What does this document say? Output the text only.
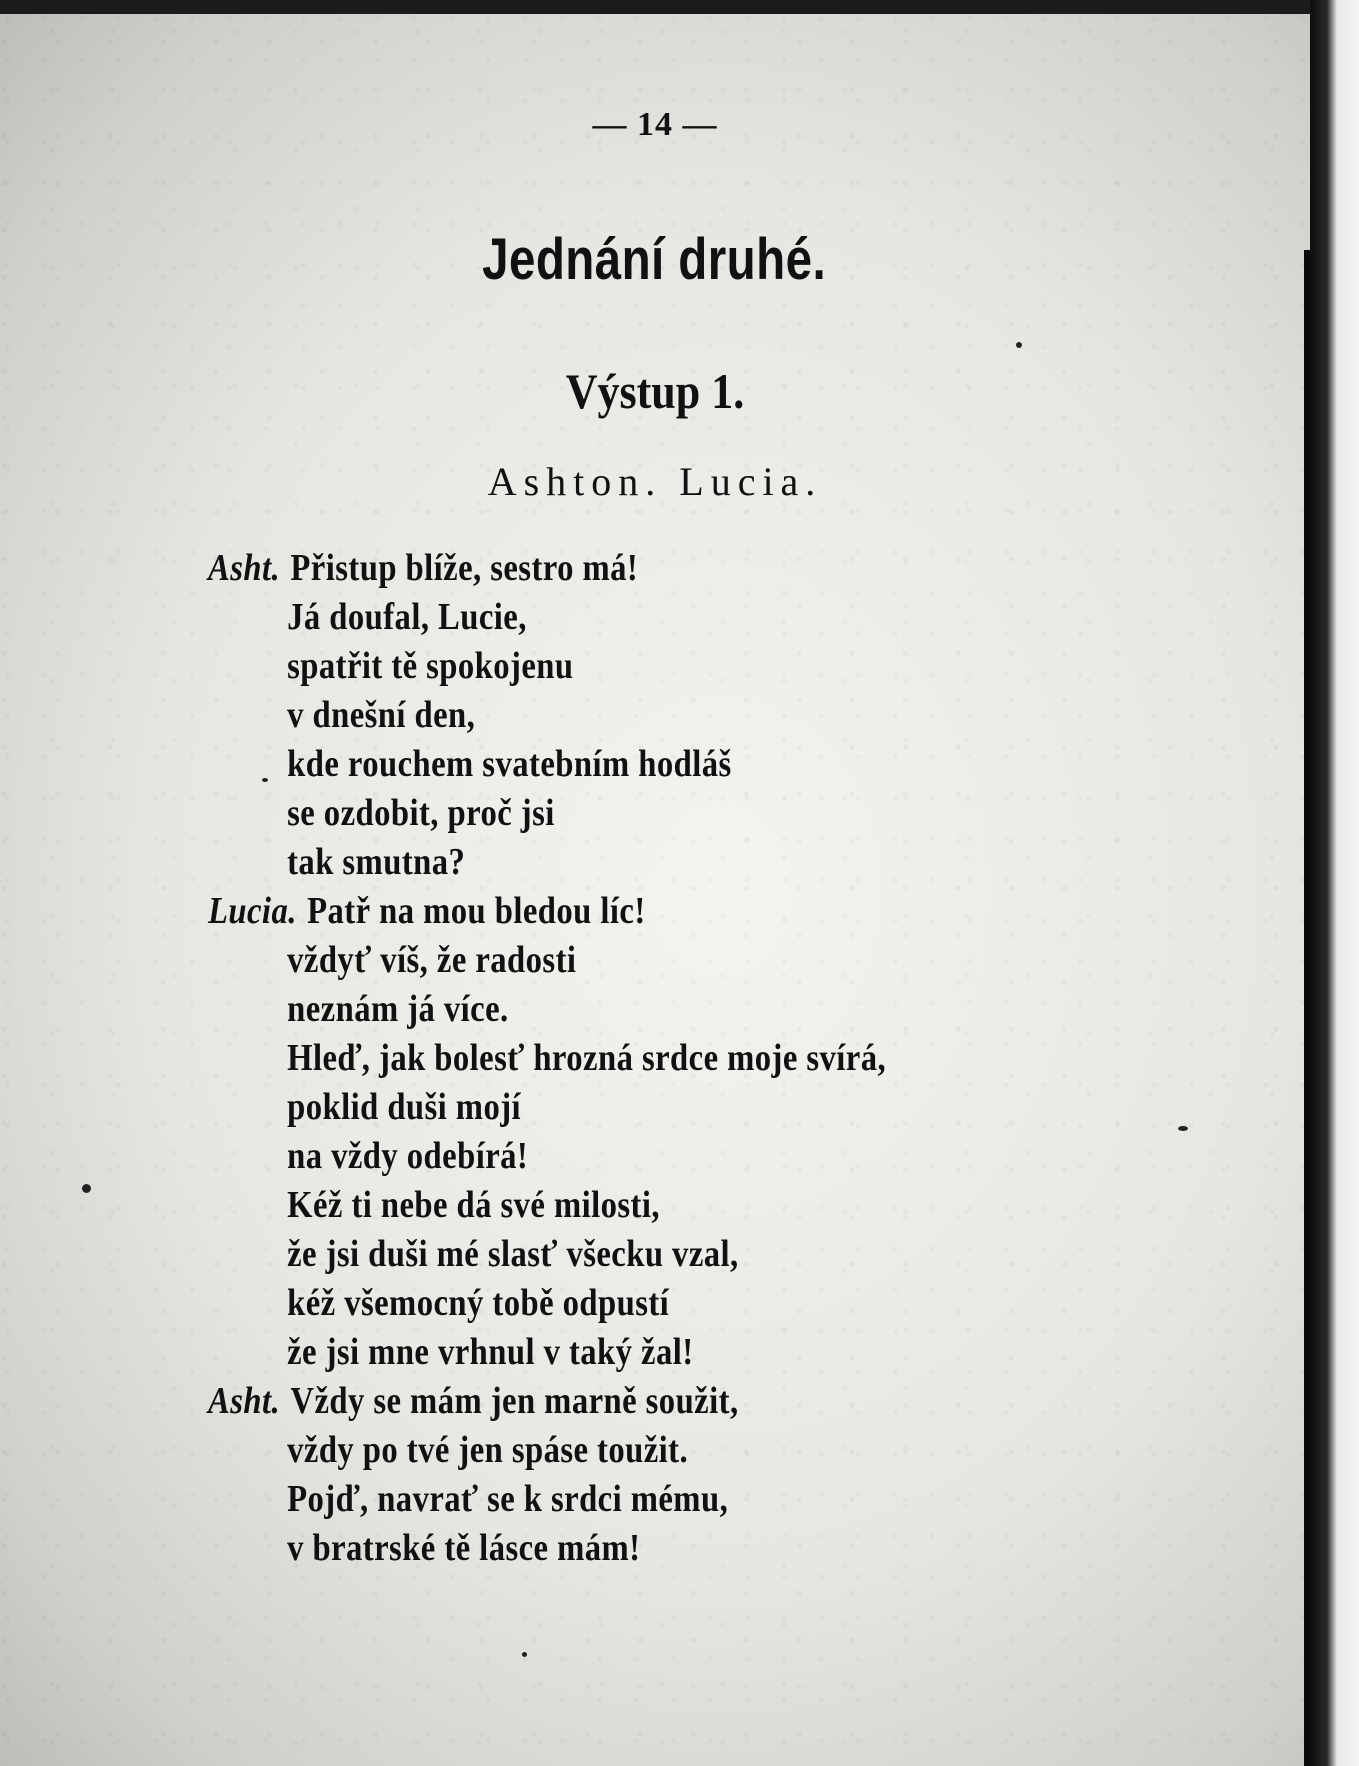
— 14 —
Jednání druhé.
Výstup 1.
Ashton. Lucia.
Asht. Přistup blíže, sestro má!
Já doufal, Lucie,
spatřit tě spokojenu
v dnešní den,
kde rouchem svatebním hodláš
se ozdobit, proč jsi
tak smutna?
Lucia. Patř na mou bledou líc!
vždyť víš, že radosti
neznám já více.
Hleď, jak bolesť hrozná srdce moje svírá,
poklid duši mojí
na vždy odebírá!
Kéž ti nebe dá své milosti,
že jsi duši mé slasť všecku vzal,
kéž všemocný tobě odpustí
že jsi mne vrhnul v taký žal!
Asht. Vždy se mám jen marně soužit,
vždy po tvé jen spáse toužit.
Pojď, navrať se k srdci mému,
v bratrské tě lásce mám!
